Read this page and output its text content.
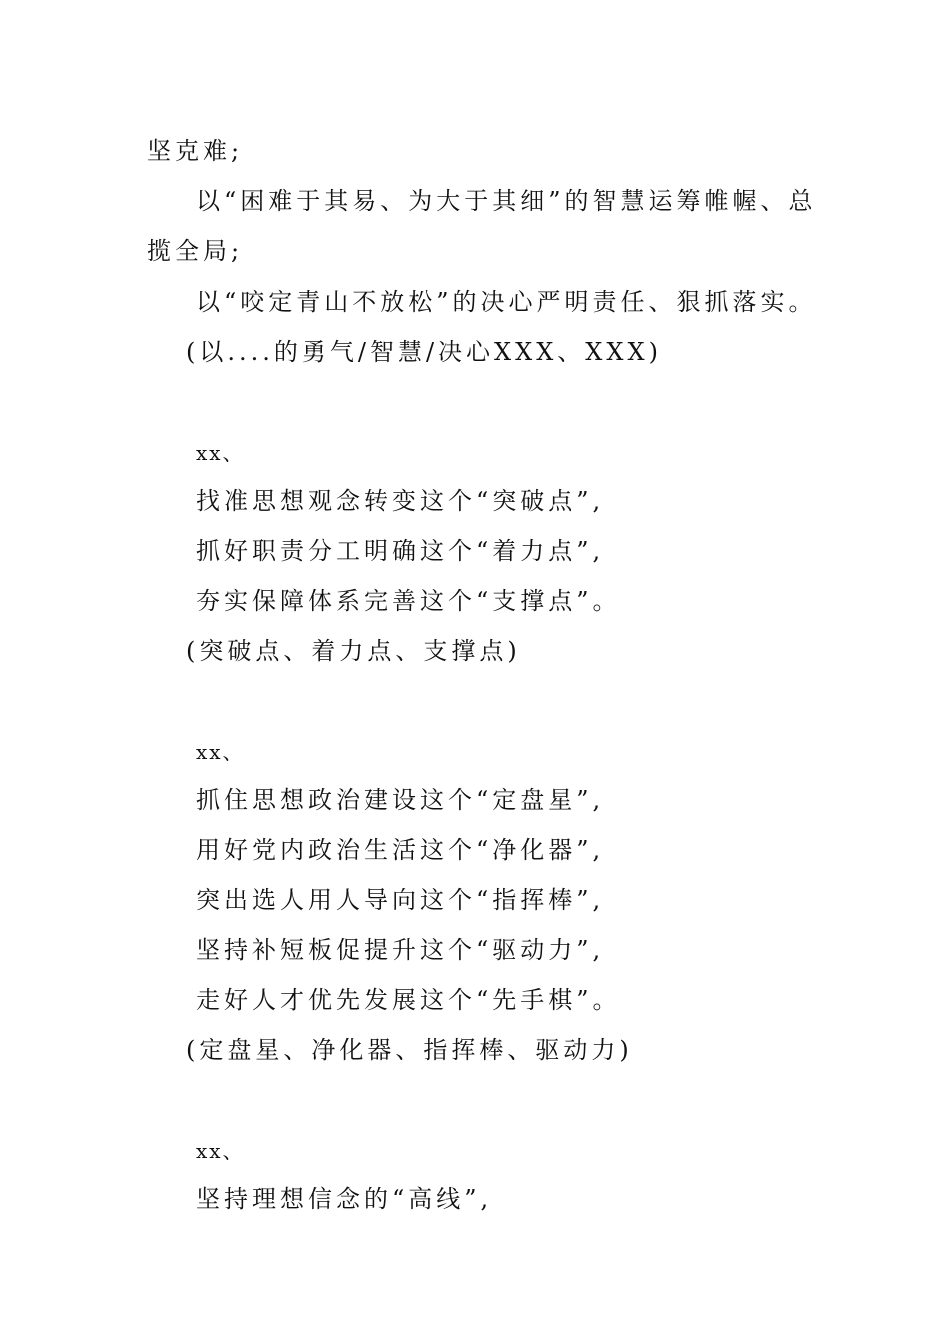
坚克难;
以“困难于其易、为大于其细”的智慧运筹帷幄、总
揽全局;
以“咬定青山不放松”的决心严明责任、狠抓落实。
(以....的勇气/智慧/决心XXX、XXX)
xx、
找准思想观念转变这个“突破点”,
抓好职责分工明确这个“着力点”,
夯实保障体系完善这个“支撑点”。
(突破点、着力点、支撑点)
xx、
抓住思想政治建设这个“定盘星”,
用好党内政治生活这个“净化器”,
突出选人用人导向这个“指挥棒”,
坚持补短板促提升这个“驱动力”,
走好人才优先发展这个“先手棋”。
(定盘星、净化器、指挥棒、驱动力)
xx、
坚持理想信念的“高线”,
